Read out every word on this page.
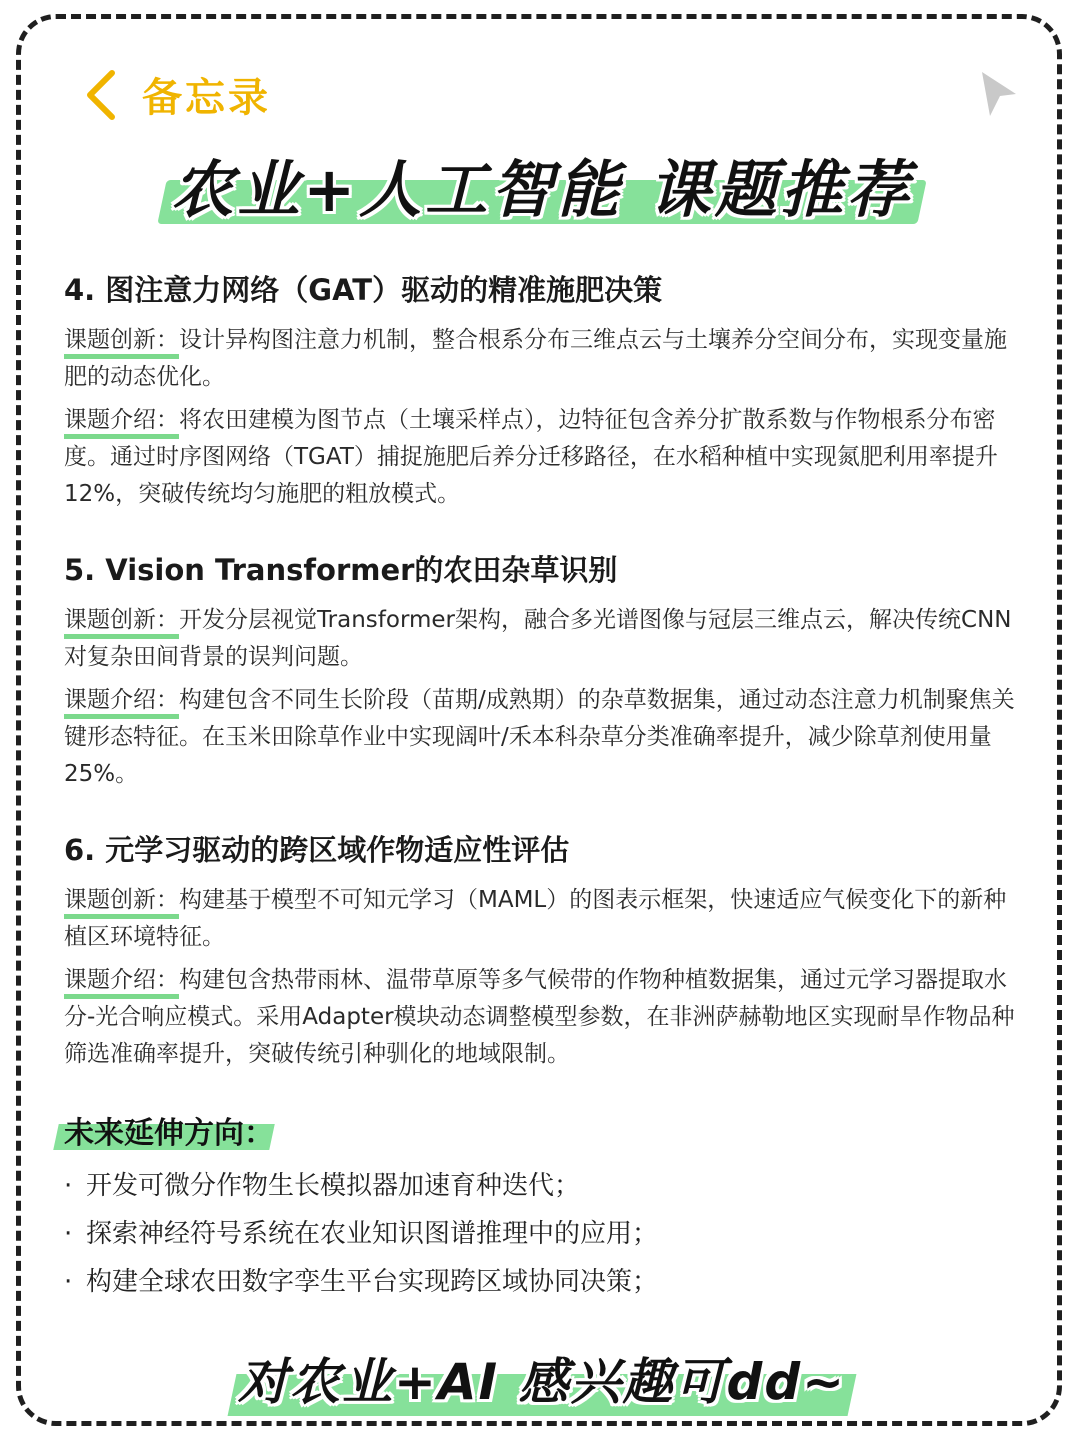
备忘录
农业+人工智能 课题推荐
4. 图注意力网络（GAT）驱动的精准施肥决策

课题创新：设计异构图注意力机制，整合根系分布三维点云与土壤养分空间分布，实现变量施肥的动态优化。

课题介绍：将农田建模为图节点（土壤采样点），边特征包含养分扩散系数与作物根系分布密度。通过时序图网络（TGAT）捕捉施肥后养分迁移路径，在水稻种植中实现氮肥利用率提升12%，突破传统均匀施肥的粗放模式。

5. Vision Transformer的农田杂草识别

课题创新：开发分层视觉Transformer架构，融合多光谱图像与冠层三维点云，解决传统CNN对复杂田间背景的误判问题。

课题介绍：构建包含不同生长阶段（苗期/成熟期）的杂草数据集，通过动态注意力机制聚焦关键形态特征。在玉米田除草作业中实现阔叶/禾本科杂草分类准确率提升，减少除草剂使用量25%。

6. 元学习驱动的跨区域作物适应性评估

课题创新：构建基于模型不可知元学习（MAML）的图表示框架，快速适应气候变化下的新种植区环境特征。

课题介绍：构建包含热带雨林、温带草原等多气候带的作物种植数据集，通过元学习器提取水分-光合响应模式。采用Adapter模块动态调整模型参数，在非洲萨赫勒地区实现耐旱作物品种筛选准确率提升，突破传统引种驯化的地域限制。

未来延伸方向：
· 开发可微分作物生长模拟器加速育种迭代；
· 探索神经符号系统在农业知识图谱推理中的应用；
· 构建全球农田数字孪生平台实现跨区域协同决策；
对农业+AI 感兴趣可dd~
